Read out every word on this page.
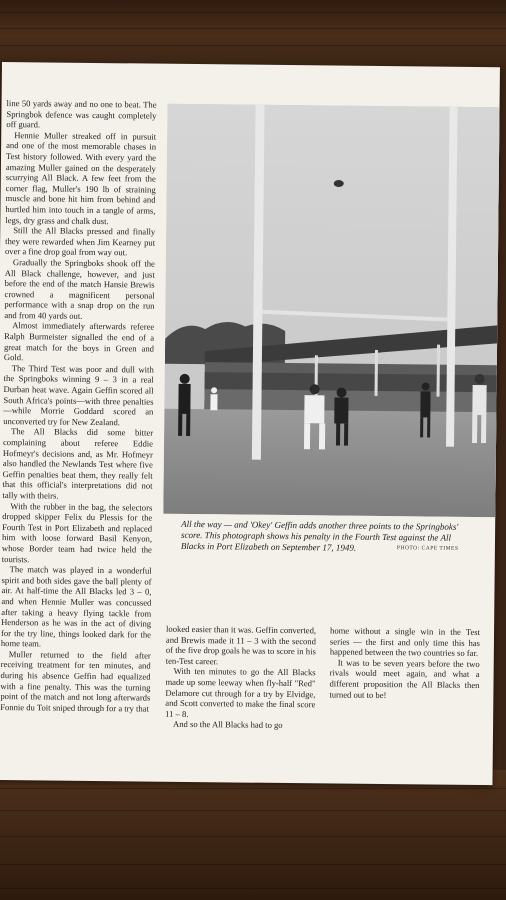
line 50 yards away and no one to beat. The Springbok defence was caught completely off guard.

Hennie Muller streaked off in pursuit and one of the most memorable chases in Test history followed. With every yard the amazing Muller gained on the desperately scurrying All Black. A few feet from the corner flag, Muller's 190 lb of straining muscle and bone hit him from behind and hurtled him into touch in a tangle of arms, legs, dry grass and chalk dust.

Still the All Blacks pressed and finally they were rewarded when Jim Kearney put over a fine drop goal from way out.

Gradually the Springboks shook off the All Black challenge, however, and just before the end of the match Hansie Brewis crowned a magnificent personal performance with a snap drop on the run and from 40 yards out.

Almost immediately afterwards referee Ralph Burmeister signalled the end of a great match for the boys in Green and Gold.

The Third Test was poor and dull with the Springboks winning 9 – 3 in a real Durban heat wave. Again Geffin scored all South Africa's points—with three penalties—while Morrie Goddard scored an unconverted try for New Zealand.

The All Blacks did some bitter complaining about referee Eddie Hofmeyr's decisions and, as Mr. Hofmeyr also handled the Newlands Test where five Geffin penalties beat them, they really felt that this official's interpretations did not tally with theirs.

With the rubber in the bag, the selectors dropped skipper Felix du Plessis for the Fourth Test in Port Elizabeth and replaced him with loose forward Basil Kenyon, whose Border team had twice held the tourists.

The match was played in a wonderful spirit and both sides gave the ball plenty of air. At half-time the All Blacks led 3 – 0, and when Hennie Muller was concussed after taking a heavy flying tackle from Henderson as he was in the act of diving for the try line, things looked dark for the home team.

Muller returned to the field after receiving treatment for ten minutes, and during his absence Geffin had equalized with a fine penalty. This was the turning point of the match and not long afterwards Fonnie du Toit sniped through for a try that

All the way — and 'Okey' Geffin adds another three points to the Springboks' score. This photograph shows his penalty in the Fourth Test against the All Blacks in Port Elizabeth on September 17, 1949.	PHOTO: CAPE TIMES

looked easier than it was. Geffin converted, and Brewis made it 11 – 3 with the second of the five drop goals he was to score in his ten-Test career.

With ten minutes to go the All Blacks made up some leeway when fly-half "Red" Delamore cut through for a try by Elvidge, and Scott converted to make the final score 11 – 8.

And so the All Blacks had to go

home without a single win in the Test series — the first and only time this has happened between the two countries so far.

It was to be seven years before the two rivals would meet again, and what a different proposition the All Blacks then turned out to be!
